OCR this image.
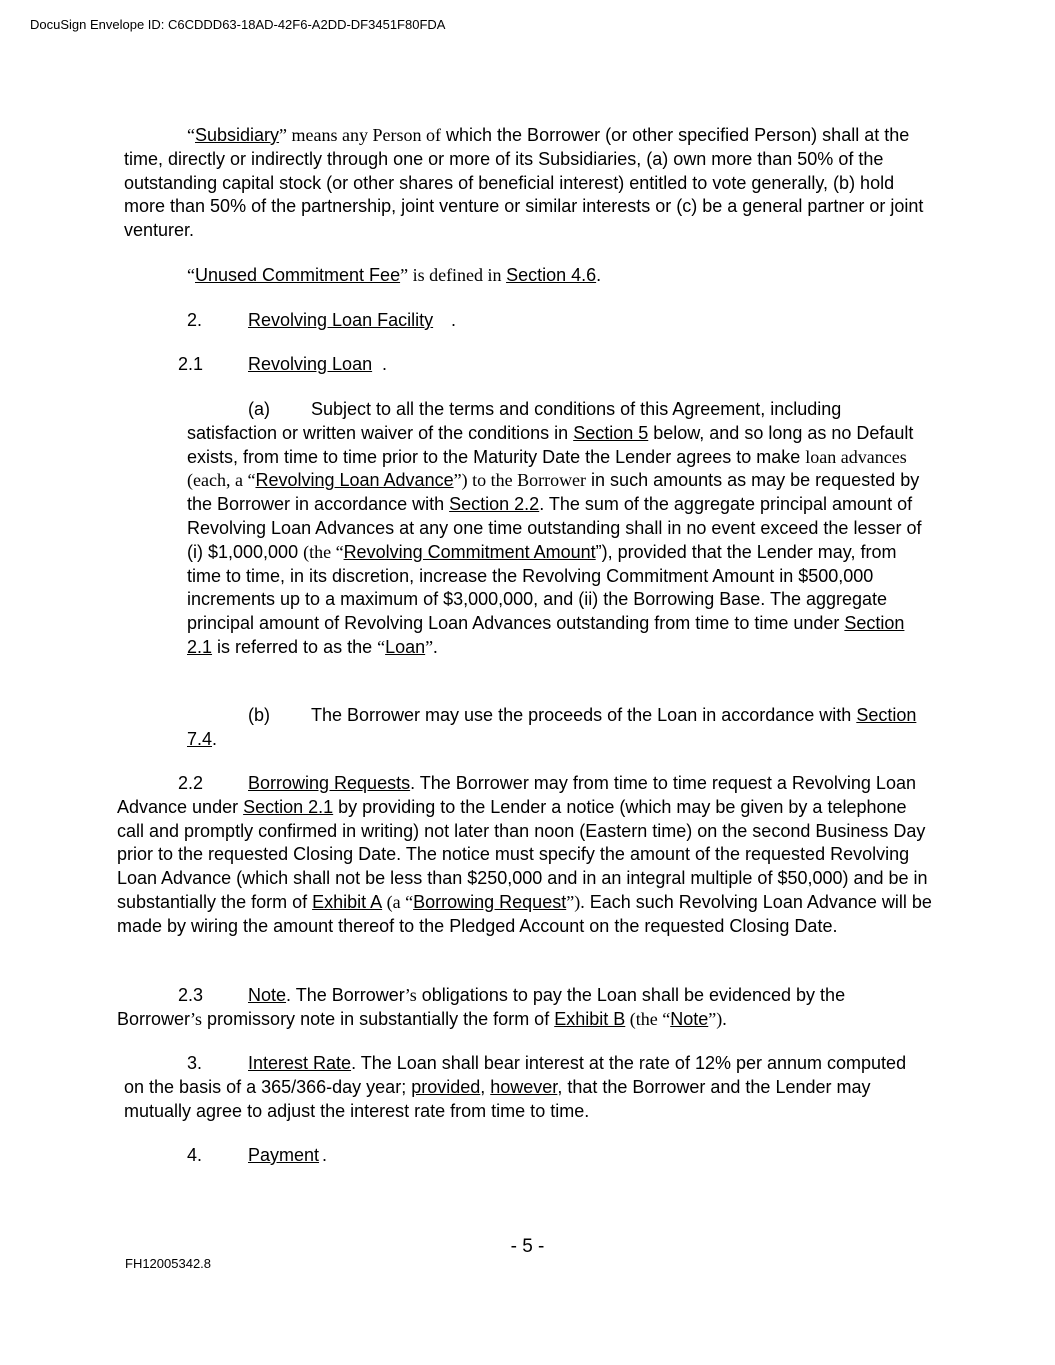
DocuSign Envelope ID: C6CDDD63-18AD-42F6-A2DD-DF3451F80FDA

“Subsidiary” means any Person of which the Borrower (or other specified Person) shall at the time, directly or indirectly through one or more of its Subsidiaries, (a) own more than 50% of the outstanding capital stock (or other shares of beneficial interest) entitled to vote generally, (b) hold more than 50% of the partnership, joint venture or similar interests or (c) be a general partner or joint venturer.

“Unused Commitment Fee” is defined in Section 4.6.

2.	Revolving Loan Facility .
2.1 Revolving Loan .

(a) Subject to all the terms and conditions of this Agreement, including satisfaction or written waiver of the conditions in Section 5 below, and so long as no Default exists, from time to time prior to the Maturity Date the Lender agrees to make loan advances (each, a “Revolving Loan Advance”) to the Borrower in such amounts as may be requested by the Borrower in accordance with Section 2.2. The sum of the aggregate principal amount of Revolving Loan Advances at any one time outstanding shall in no event exceed the lesser of (i) $1,000,000 (the “Revolving Commitment Amount”), provided that the Lender may, from time to time, in its discretion, increase the Revolving Commitment Amount in $500,000 increments up to a maximum of $3,000,000, and (ii) the Borrowing Base. The aggregate principal amount of Revolving Loan Advances outstanding from time to time under Section 2.1 is referred to as the “Loan”.

(b) The Borrower may use the proceeds of the Loan in accordance with Section 7.4.

2.2 Borrowing Requests. The Borrower may from time to time request a Revolving Loan Advance under Section 2.1 by providing to the Lender a notice (which may be given by a telephone call and promptly confirmed in writing) not later than noon (Eastern time) on the second Business Day prior to the requested Closing Date. The notice must specify the amount of the requested Revolving Loan Advance (which shall not be less than $250,000 and in an integral multiple of $50,000) and be in substantially the form of Exhibit A (a “Borrowing Request”). Each such Revolving Loan Advance will be made by wiring the amount thereof to the Pledged Account on the requested Closing Date.

2.3 Note. The Borrower’s obligations to pay the Loan shall be evidenced by the Borrower’s promissory note in substantially the form of Exhibit B (the “Note”).

3.	Interest Rate. The Loan shall bear interest at the rate of 12% per annum computed on the basis of a 365/366-day year; provided, however, that the Borrower and the Lender may mutually agree to adjust the interest rate from time to time.

4.	Payment .
- 5 -
FH12005342.8
